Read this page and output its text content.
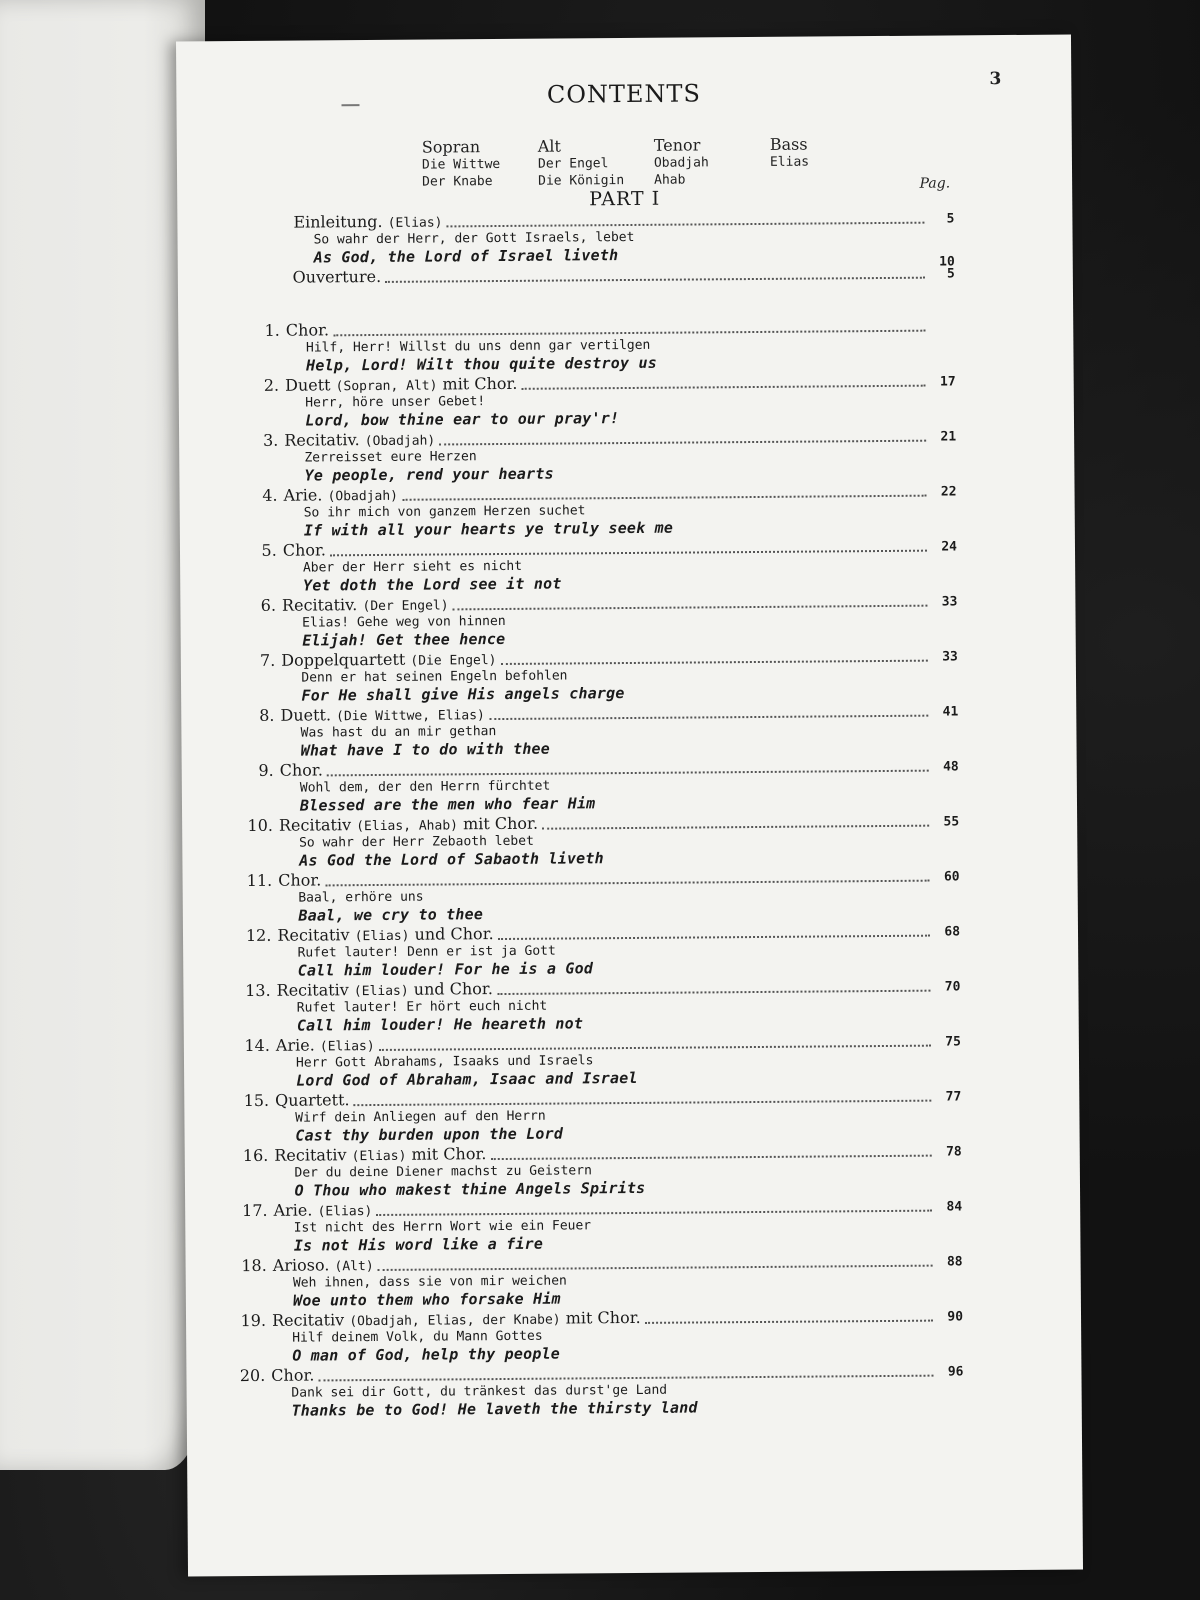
3
CONTENTS
Sopran
Die Wittwe
Der Knabe
Alt
Der Engel
Die Königin
Tenor
Obadjah
Ahab
Bass
Elias
PART I
Pag.
Einleitung. (Elias)
So wahr der Herr, der Gott Israels, lebet
As God, the Lord of Israel liveth
5
Ouverture.	5
10
1. Chor.
Hilf, Herr! Willst du uns denn gar vertilgen
Help, Lord! Wilt thou quite destroy us
2. Duett (Sopran, Alt) mit Chor.
Herr, höre unser Gebet!
Lord, bow thine ear to our pray'r!
17
3. Recitativ. (Obadjah)
Zerreisset eure Herzen
Ye people, rend your hearts
21
4. Arie. (Obadjah)
So ihr mich von ganzem Herzen suchet
If with all your hearts ye truly seek me
22
5. Chor.
Aber der Herr sieht es nicht
Yet doth the Lord see it not
24
6. Recitativ. (Der Engel)
Elias! Gehe weg von hinnen
Elijah! Get thee hence
33
7. Doppelquartett (Die Engel)
Denn er hat seinen Engeln befohlen
For He shall give His angels charge
33
8. Duett. (Die Wittwe, Elias)
Was hast du an mir gethan
What have I to do with thee
41
9. Chor.
Wohl dem, der den Herrn fürchtet
Blessed are the men who fear Him
48
10. Recitativ (Elias, Ahab) mit Chor.
So wahr der Herr Zebaoth lebet
As God the Lord of Sabaoth liveth
55
11. Chor.
Baal, erhöre uns
Baal, we cry to thee
60
12. Recitativ (Elias) und Chor.
Rufet lauter! Denn er ist ja Gott
Call him louder! For he is a God
68
13. Recitativ (Elias) und Chor.
Rufet lauter! Er hört euch nicht
Call him louder! He heareth not
70
14. Arie. (Elias)
Herr Gott Abrahams, Isaaks und Israels
Lord God of Abraham, Isaac and Israel
75
15. Quartett.
Wirf dein Anliegen auf den Herrn
Cast thy burden upon the Lord
77
16. Recitativ (Elias) mit Chor.
Der du deine Diener machst zu Geistern
O Thou who makest thine Angels Spirits
78
17. Arie. (Elias)
Ist nicht des Herrn Wort wie ein Feuer
Is not His word like a fire
84
18. Arioso. (Alt)
Weh ihnen, dass sie von mir weichen
Woe unto them who forsake Him
88
19. Recitativ (Obadjah, Elias, der Knabe) mit Chor.
Hilf deinem Volk, du Mann Gottes
O man of God, help thy people
90
20. Chor.
Dank sei dir Gott, du tränkest das durst'ge Land
Thanks be to God! He laveth the thirsty land
96
